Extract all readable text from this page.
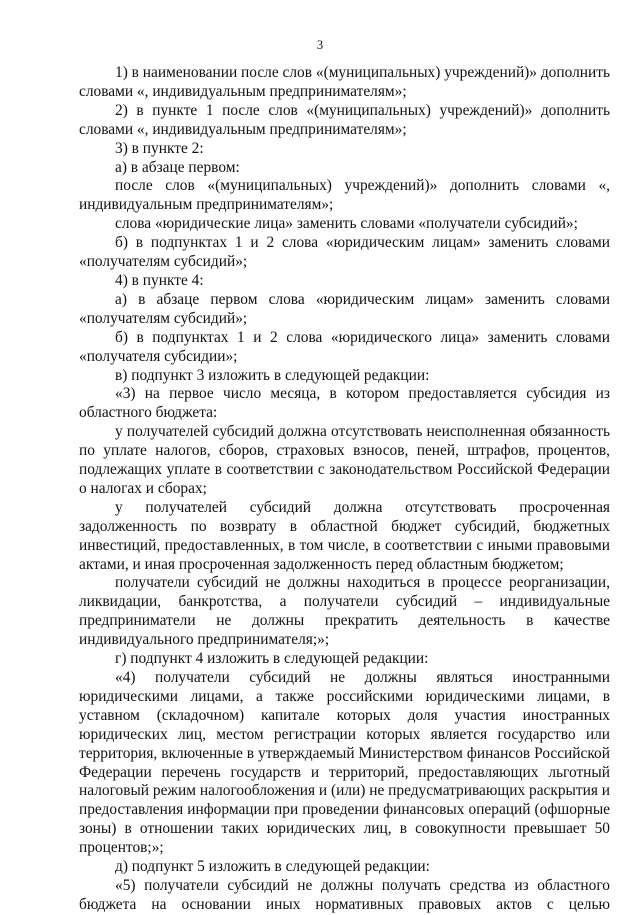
3

1) в наименовании после слов «(муниципальных) учреждений)» дополнить словами «, индивидуальным предпринимателям»;

2) в пункте 1 после слов «(муниципальных) учреждений)» дополнить словами «, индивидуальным предпринимателям»;

3) в пункте 2:

а) в абзаце первом:

после слов «(муниципальных) учреждений)» дополнить словами «, индивидуальным предпринимателям»;

слова «юридические лица» заменить словами «получатели субсидий»;

б) в подпунктах 1 и 2 слова «юридическим лицам» заменить словами «получателям субсидий»;

4) в пункте 4:

а) в абзаце первом слова «юридическим лицам» заменить словами «получателям субсидий»;

б) в подпунктах 1 и 2 слова «юридического лица» заменить словами «получателя субсидии»;

в) подпункт 3 изложить в следующей редакции:

«3) на первое число месяца, в котором предоставляется субсидия из областного бюджета:

у получателей субсидий должна отсутствовать неисполненная обязанность по уплате налогов, сборов, страховых взносов, пеней, штрафов, процентов, подлежащих уплате в соответствии с законодательством Российской Федерации о налогах и сборах;

у получателей субсидий должна отсутствовать просроченная задолженность по возврату в областной бюджет субсидий, бюджетных инвестиций, предоставленных, в том числе, в соответствии с иными правовыми актами, и иная просроченная задолженность перед областным бюджетом;

получатели субсидий не должны находиться в процессе реорганизации, ликвидации, банкротства, а получатели субсидий – индивидуальные предприниматели не должны прекратить деятельность в качестве индивидуального предпринимателя;»;

г) подпункт 4 изложить в следующей редакции:

«4) получатели субсидий не должны являться иностранными юридическими лицами, а также российскими юридическими лицами, в уставном (складочном) капитале которых доля участия иностранных юридических лиц, местом регистрации которых является государство или территория, включенные в утверждаемый Министерством финансов Российской Федерации перечень государств и территорий, предоставляющих льготный налоговый режим налогообложения и (или) не предусматривающих раскрытия и предоставления информации при проведении финансовых операций (офшорные зоны) в отношении таких юридических лиц, в совокупности превышает 50 процентов;»;

д) подпункт 5 изложить в следующей редакции:

«5) получатели субсидий не должны получать средства из областного бюджета на основании иных нормативных правовых актов с целью
